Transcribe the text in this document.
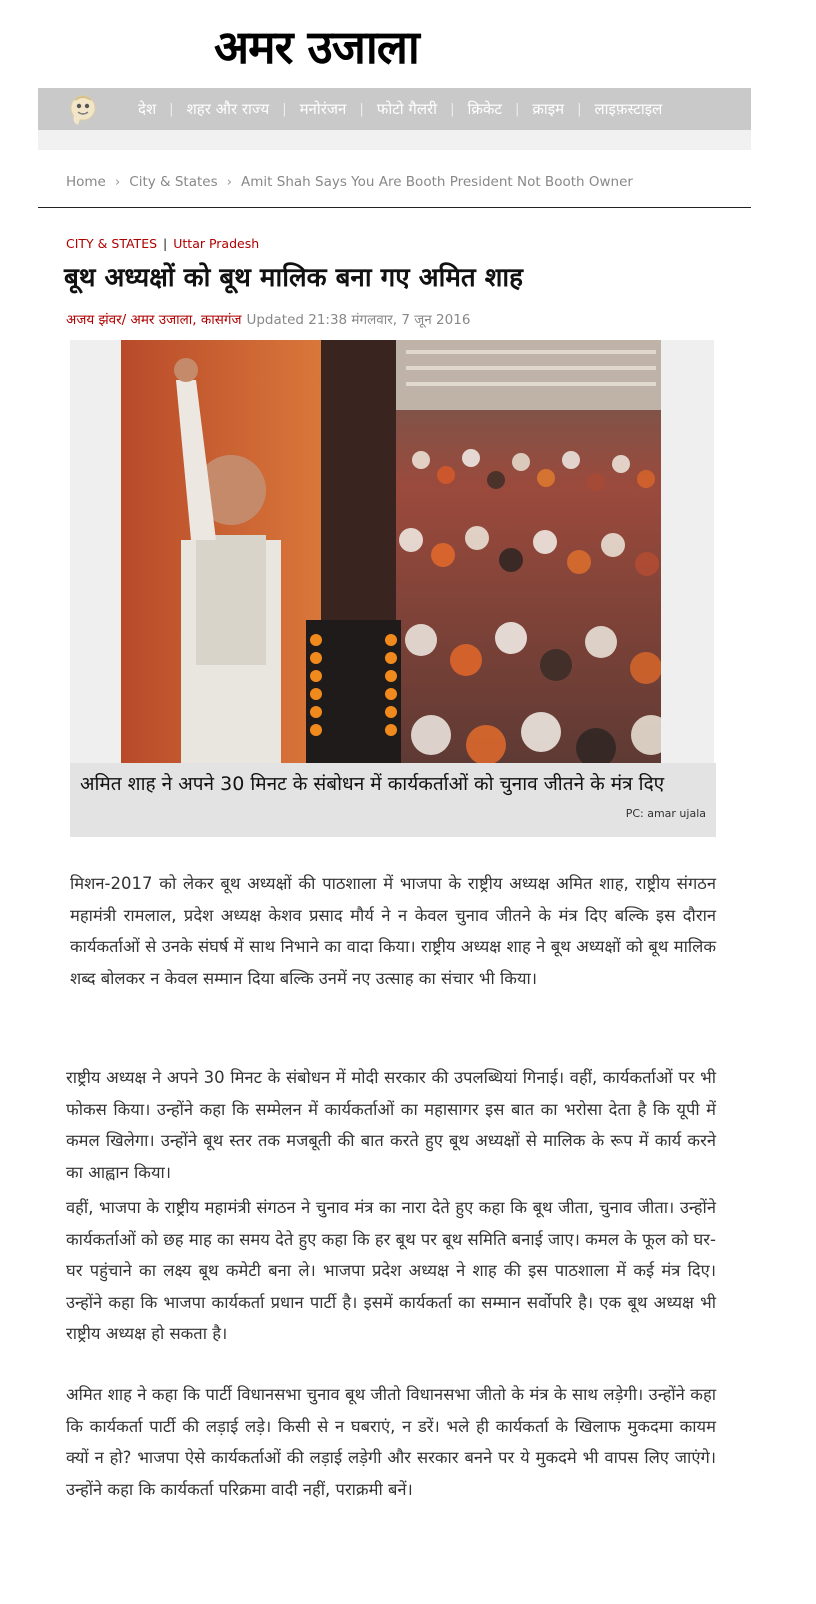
अमर उजाला
देश | शहर और राज्य | मनोरंजन | फोटो गैलरी | क्रिकेट | क्राइम | लाइफ़स्टाइल
Home › City & States › Amit Shah Says You Are Booth President Not Booth Owner
CITY & STATES | Uttar Pradesh
बूथ अध्यक्षों को बूथ मालिक बना गए अमित शाह
अजय झंवर/ अमर उजाला, कासगंज Updated 21:38 मंगलवार, 7 जून 2016
अमित शाह ने अपने 30 मिनट के संबोधन में कार्यकर्ताओं को चुनाव जीतने के मंत्र दिए
PC: amar ujala

मिशन-2017 को लेकर बूथ अध्यक्षों की पाठशाला में भाजपा के राष्ट्रीय अध्यक्ष अमित शाह, राष्ट्रीय संगठन महामंत्री रामलाल, प्रदेश अध्यक्ष केशव प्रसाद मौर्य ने न केवल चुनाव जीतने के मंत्र दिए बल्कि इस दौरान कार्यकर्ताओं से उनके संघर्ष में साथ निभाने का वादा किया। राष्ट्रीय अध्यक्ष शाह ने बूथ अध्यक्षों को बूथ मालिक शब्द बोलकर न केवल सम्मान दिया बल्कि उनमें नए उत्साह का संचार भी किया।

राष्ट्रीय अध्यक्ष ने अपने 30 मिनट के संबोधन में मोदी सरकार की उपलब्धियां गिनाई। वहीं, कार्यकर्ताओं पर भी फोकस किया। उन्होंने कहा कि सम्मेलन में कार्यकर्ताओं का महासागर इस बात का भरोसा देता है कि यूपी में कमल खिलेगा। उन्होंने बूथ स्तर तक मजबूती की बात करते हुए बूथ अध्यक्षों से मालिक के रूप में कार्य करने का आह्वान किया।

वहीं, भाजपा के राष्ट्रीय महामंत्री संगठन ने चुनाव मंत्र का नारा देते हुए कहा कि बूथ जीता, चुनाव जीता। उन्होंने कार्यकर्ताओं को छह माह का समय देते हुए कहा कि हर बूथ पर बूथ समिति बनाई जाए। कमल के फूल को घर-घर पहुंचाने का लक्ष्य बूथ कमेटी बना ले। भाजपा प्रदेश अध्यक्ष ने शाह की इस पाठशाला में कई मंत्र दिए। उन्होंने कहा कि भाजपा कार्यकर्ता प्रधान पार्टी है। इसमें कार्यकर्ता का सम्मान सर्वोपरि है। एक बूथ अध्यक्ष भी राष्ट्रीय अध्यक्ष हो सकता है।

अमित शाह ने कहा कि पार्टी विधानसभा चुनाव बूथ जीतो विधानसभा जीतो के मंत्र के साथ लड़ेगी। उन्होंने कहा कि कार्यकर्ता पार्टी की लड़ाई लड़े। किसी से न घबराएं, न डरें। भले ही कार्यकर्ता के खिलाफ मुकदमा कायम क्यों न हो? भाजपा ऐसे कार्यकर्ताओं की लड़ाई लड़ेगी और सरकार बनने पर ये मुकदमे भी वापस लिए जाएंगे। उन्होंने कहा कि कार्यकर्ता परिक्रमा वादी नहीं, पराक्रमी बनें।
